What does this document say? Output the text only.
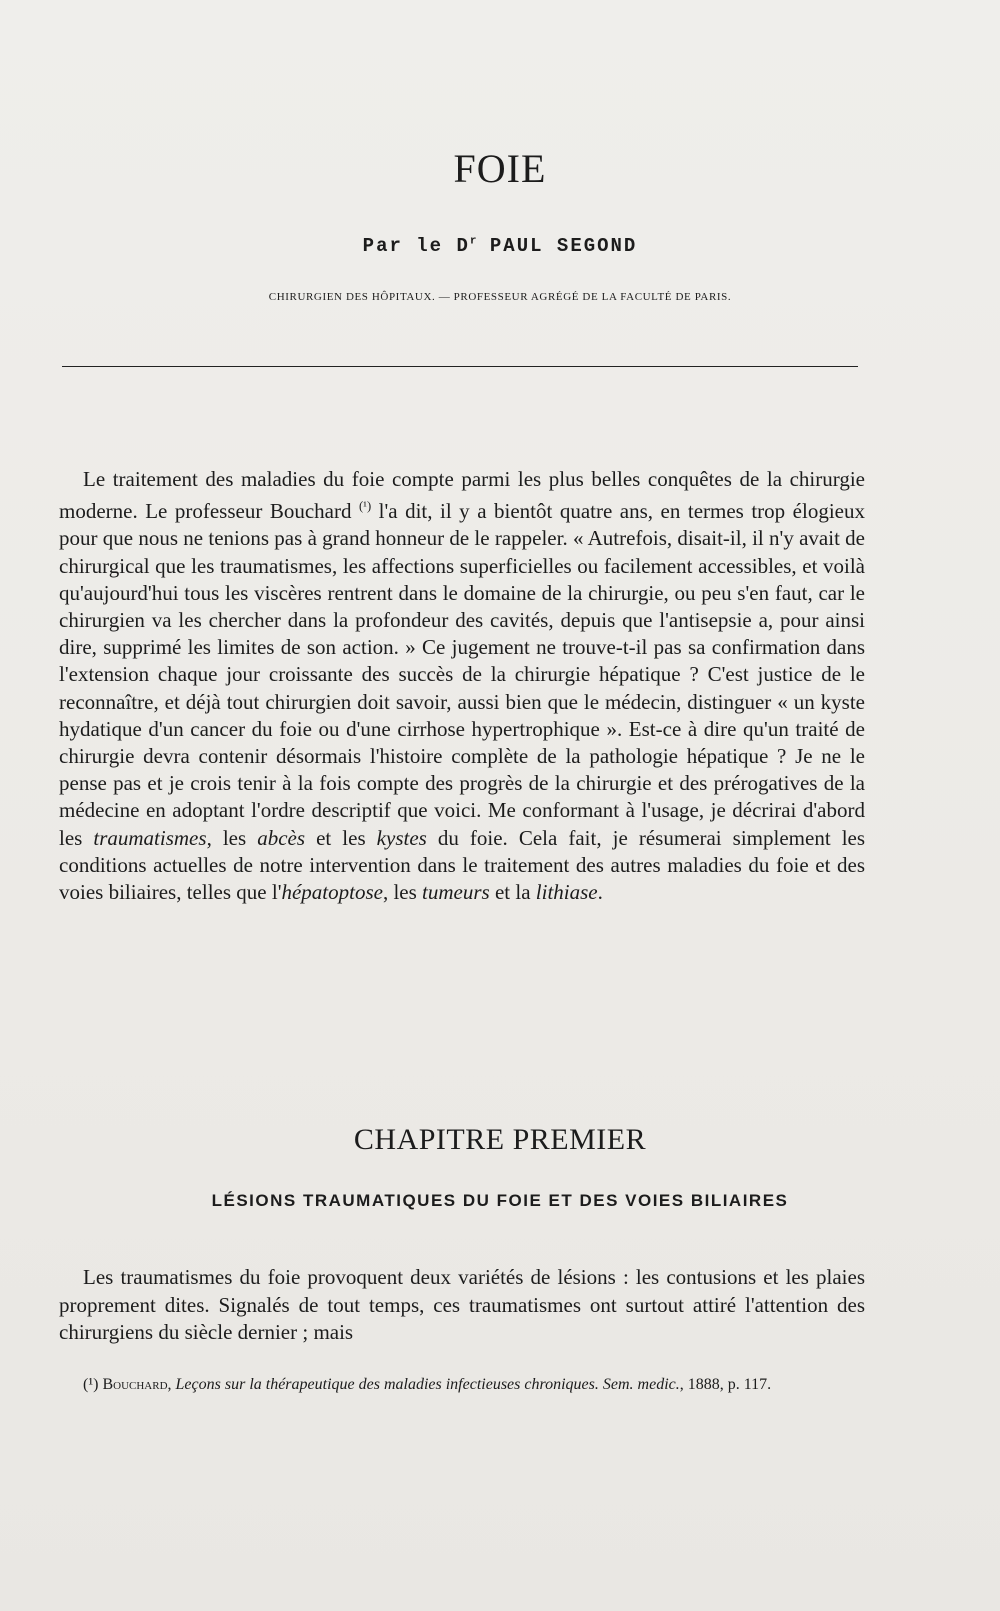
FOIE
Par le $D^r$ PAUL SEGOND
CHIRURGIEN DES HÔPITAUX. — PROFESSEUR AGRÉGÉ DE LA FACULTÉ DE PARIS.

Le traitement des maladies du foie compte parmi les plus belles conquêtes de la chirurgie moderne. Le professeur Bouchard $^{(^1)}$ l'a dit, il y a bientôt quatre ans, en termes trop élogieux pour que nous ne tenions pas à grand honneur de le rappeler. « Autrefois, disait-il, il n'y avait de chirurgical que les traumatismes, les affections superficielles ou facilement accessibles, et voilà qu'aujourd'hui tous les viscères rentrent dans le domaine de la chirurgie, ou peu s'en faut, car le chirurgien va les chercher dans la profondeur des cavités, depuis que l'antisepsie a, pour ainsi dire, supprimé les limites de son action. » Ce jugement ne trouve-t-il pas sa confirmation dans l'extension chaque jour croissante des succès de la chirurgie hépatique ? C'est justice de le reconnaître, et déjà tout chirurgien doit savoir, aussi bien que le médecin, distinguer « un kyste hydatique d'un cancer du foie ou d'une cirrhose hypertrophique ». Est-ce à dire qu'un traité de chirurgie devra contenir désormais l'histoire complète de la pathologie hépatique ? Je ne le pense pas et je crois tenir à la fois compte des progrès de la chirurgie et des prérogatives de la médecine en adoptant l'ordre descriptif que voici. Me conformant à l'usage, je décrirai d'abord les traumatismes, les abcès et les kystes du foie. Cela fait, je résumerai simplement les conditions actuelles de notre intervention dans le traitement des autres maladies du foie et des voies biliaires, telles que l'hépatoptose, les tumeurs et la lithiase.

CHAPITRE PREMIER
LÉSIONS TRAUMATIQUES DU FOIE ET DES VOIES BILIAIRES

Les traumatismes du foie provoquent deux variétés de lésions : les contusions et les plaies proprement dites. Signalés de tout temps, ces traumatismes ont surtout attiré l'attention des chirurgiens du siècle dernier ; mais

(¹) Bouchard, Leçons sur la thérapeutique des maladies infectieuses chroniques. Sem. medic., 1888, p. 117.
